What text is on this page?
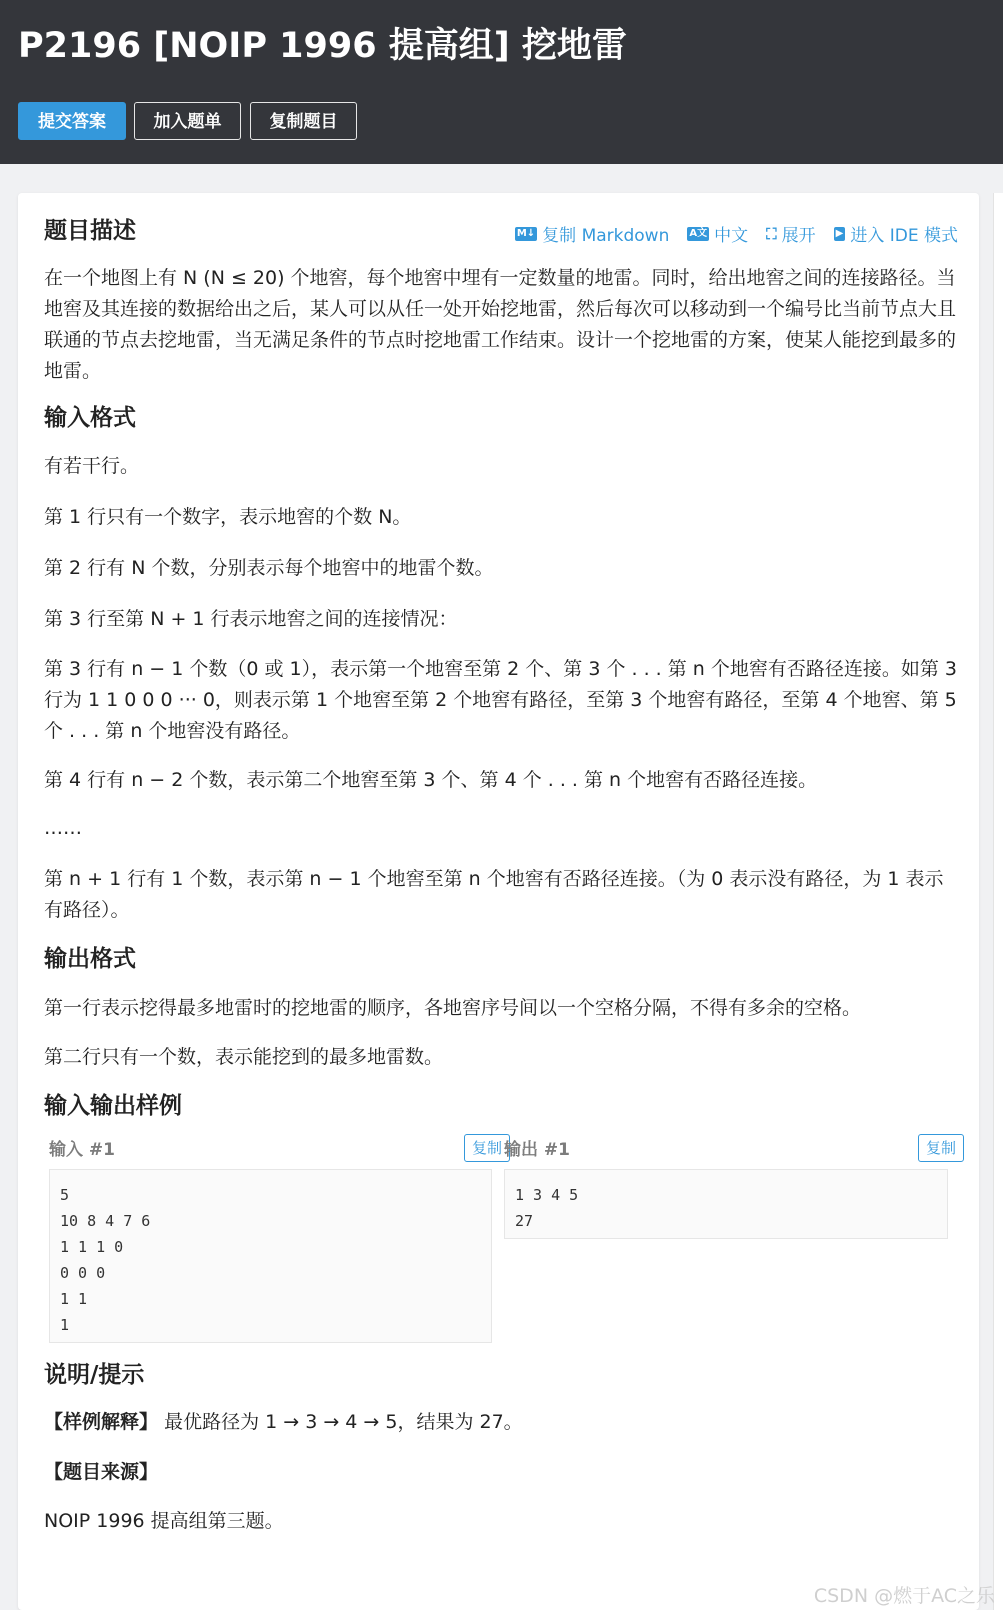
P2196 [NOIP 1996 提高组] 挖地雷
提交答案	加入题单	复制题目
题目描述	M↓ 复制 Markdown A文 中文 ⛶ 展开 ▶ 进入 IDE 模式

在一个地图上有 N (N ≤ 20) 个地窖，每个地窖中埋有一定数量的地雷。同时，给出地窖之间的连接路径。当地窖及其连接的数据给出之后，某人可以从任一处开始挖地雷，然后每次可以移动到一个编号比当前节点大且联通的节点去挖地雷，当无满足条件的节点时挖地雷工作结束。设计一个挖地雷的方案，使某人能挖到最多的地雷。

输入格式

有若干行。

第 1 行只有一个数字，表示地窖的个数 N。

第 2 行有 N 个数，分别表示每个地窖中的地雷个数。

第 3 行至第 N + 1 行表示地窖之间的连接情况：

第 3 行有 n − 1 个数（0 或 1），表示第一个地窖至第 2 个、第 3 个 . . . 第 n 个地窖有否路径连接。如第 3 行为 1 1 0 0 0 ··· 0，则表示第 1 个地窖至第 2 个地窖有路径，至第 3 个地窖有路径，至第 4 个地窖、第 5 个 . . . 第 n 个地窖没有路径。

第 4 行有 n − 2 个数，表示第二个地窖至第 3 个、第 4 个 . . . 第 n 个地窖有否路径连接。

……

第 n + 1 行有 1 个数，表示第 n − 1 个地窖至第 n 个地窖有否路径连接。（为 0 表示没有路径，为 1 表示有路径）。

输出格式

第一行表示挖得最多地雷时的挖地雷的顺序，各地窖序号间以一个空格分隔，不得有多余的空格。

第二行只有一个数，表示能挖到的最多地雷数。

输入输出样例
输入 #1	复制
5
10 8 4 7 6
1 1 1 0
0 0 0
1 1
1
输出 #1	复制
1 3 4 5
27
说明/提示

【样例解释】 最优路径为 1 → 3 → 4 → 5，结果为 27。

【题目来源】

NOIP 1996 提高组第三题。

CSDN @燃于AC之乐
